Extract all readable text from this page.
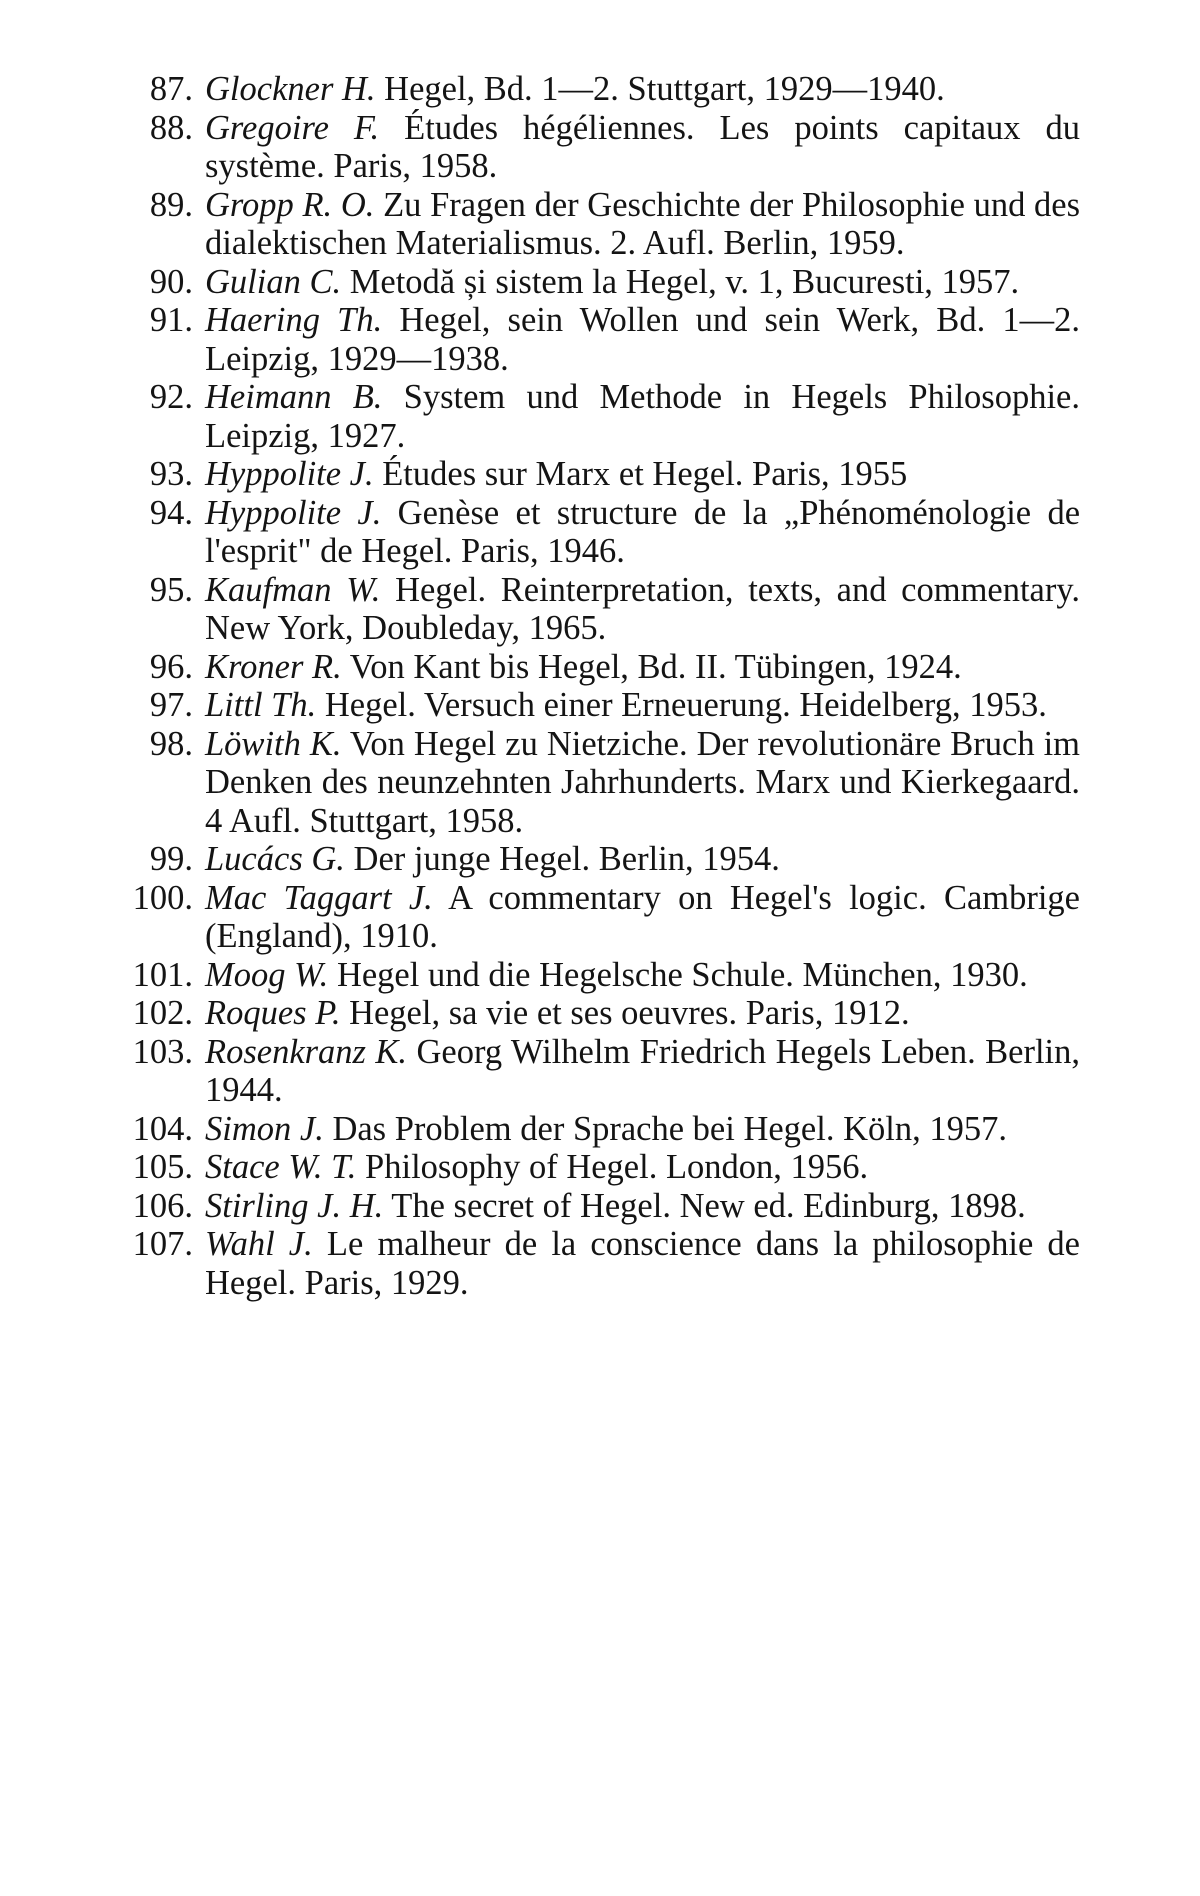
87. Glockner H. Hegel, Bd. 1—2. Stuttgart, 1929—1940.
88. Gregoire F. Études hégéliennes. Les points capitaux du système. Paris, 1958.
89. Gropp R. O. Zu Fragen der Geschichte der Philosophie und des dialektischen Materialismus. 2. Aufl. Berlin, 1959.
90. Gulian C. Metodă și sistem la Hegel, v. 1, Bucuresti, 1957.
91. Haering Th. Hegel, sein Wollen und sein Werk, Bd. 1—2. Leipzig, 1929—1938.
92. Heimann B. System und Methode in Hegels Philosophie. Leipzig, 1927.
93. Hyppolite J. Études sur Marx et Hegel. Paris, 1955
94. Hyppolite J. Genèse et structure de la „Phénoménologie de l'esprit" de Hegel. Paris, 1946.
95. Kaufman W. Hegel. Reinterpretation, texts, and commentary. New York, Doubleday, 1965.
96. Kroner R. Von Kant bis Hegel, Bd. II. Tübingen, 1924.
97. Littl Th. Hegel. Versuch einer Erneuerung. Heidelberg, 1953.
98. Löwith K. Von Hegel zu Nietziche. Der revolutionäre Bruch im Denken des neunzehnten Jahrhunderts. Marx und Kierkegaard. 4 Aufl. Stuttgart, 1958.
99. Lucács G. Der junge Hegel. Berlin, 1954.
100. Mac Taggart J. A commentary on Hegel's logic. Cambrige (England), 1910.
101. Moog W. Hegel und die Hegelsche Schule. München, 1930.
102. Roques P. Hegel, sa vie et ses oeuvres. Paris, 1912.
103. Rosenkranz K. Georg Wilhelm Friedrich Hegels Leben. Berlin, 1944.
104. Simon J. Das Problem der Sprache bei Hegel. Köln, 1957.
105. Stace W. T. Philosophy of Hegel. London, 1956.
106. Stirling J. H. The secret of Hegel. New ed. Edinburg, 1898.
107. Wahl J. Le malheur de la conscience dans la philosophie de Hegel. Paris, 1929.
